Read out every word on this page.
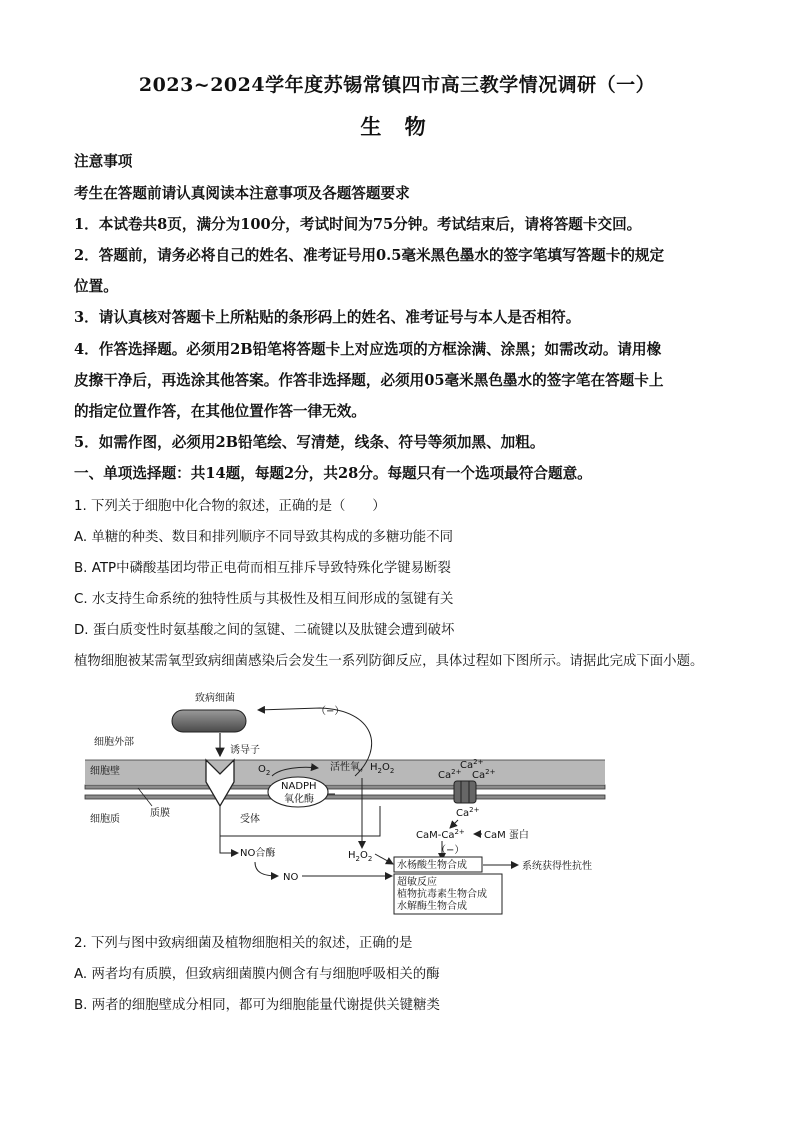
2023~2024学年度苏锡常镇四市高三教学情况调研（一）
生 物
注意事项
考生在答题前请认真阅读本注意事项及各题答题要求
1．本试卷共8页，满分为100分，考试时间为75分钟。考试结束后，请将答题卡交回。
2．答题前，请务必将自己的姓名、准考证号用0.5毫米黑色墨水的签字笔填写答题卡的规定
位置。
3．请认真核对答题卡上所粘贴的条形码上的姓名、准考证号与本人是否相符。
4．作答选择题。必须用2B铅笔将答题卡上对应选项的方框涂满、涂黑；如需改动。请用橡
皮擦干净后，再选涂其他答案。作答非选择题，必须用05毫米黑色墨水的签字笔在答题卡上
的指定位置作答，在其他位置作答一律无效。
5．如需作图，必须用2B铅笔绘、写清楚，线条、符号等须加黑、加粗。
一、单项选择题：共14题，每题2分，共28分。每题只有一个选项最符合题意。
1. 下列关于细胞中化合物的叙述，正确的是（　　）
A. 单糖的种类、数目和排列顺序不同导致其构成的多糖功能不同
B. ATP中磷酸基团均带正电荷而相互排斥导致特殊化学键易断裂
C. 水支持生命系统的独特性质与其极性及相互间形成的氢键有关
D. 蛋白质变性时氨基酸之间的氢键、二硫键以及肽键会遭到破坏
植物细胞被某需氧型致病细菌感染后会发生一系列防御反应，具体过程如下图所示。请据此完成下面小题。
致病细菌
细胞外部
诱导子
（−）
受体
细胞壁
细胞质
质膜
$O_2$	活性氧，$H_2O_2$
NADPH
氧化酶
$Ca^{2+}$
$Ca^{2+}$ $Ca^{2+}$
$Ca^{2+}$
CaM-$Ca^{2+}$ CaM 蛋白
（−）
$H_2O_2$
NO合酶
NO
水杨酸生物合成	系统获得性抗性
超敏反应
植物抗毒素生物合成
水解酶生物合成
2. 下列与图中致病细菌及植物细胞相关的叙述，正确的是
A. 两者均有质膜，但致病细菌膜内侧含有与细胞呼吸相关的酶
B. 两者的细胞壁成分相同，都可为细胞能量代谢提供关键糖类
